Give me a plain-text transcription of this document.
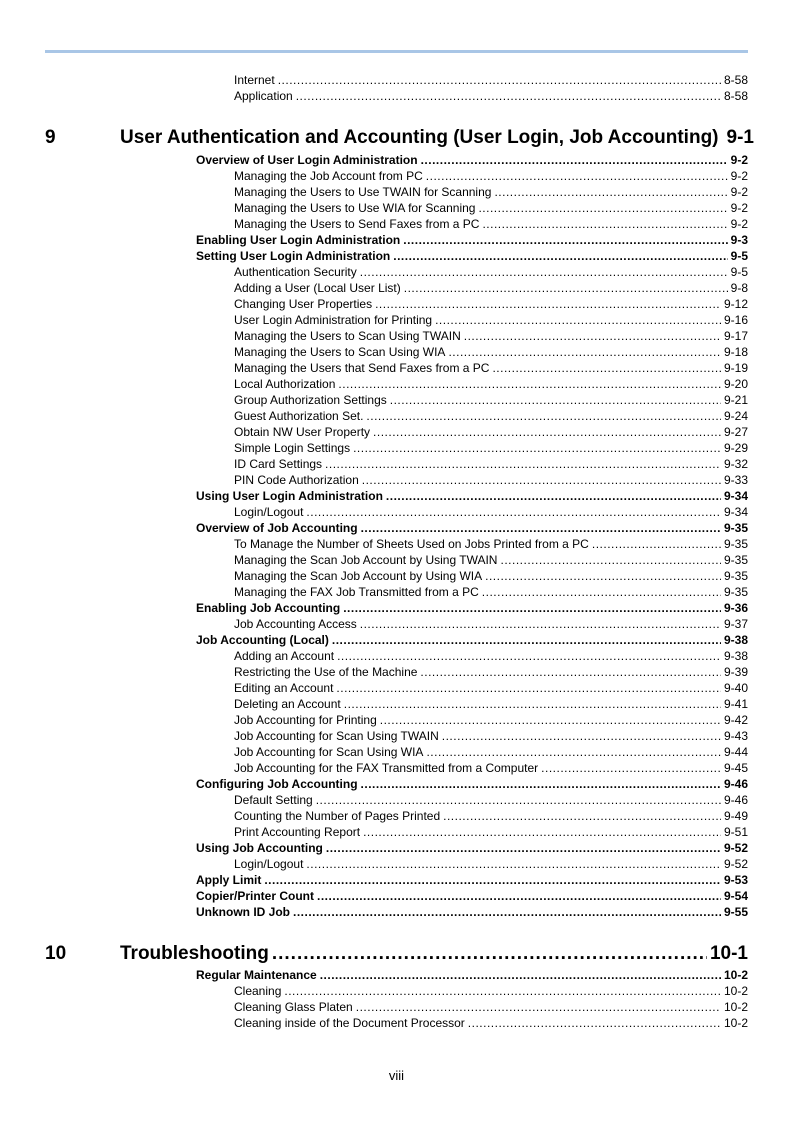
Internet .....	8-58
Application .....	8-58
9	User Authentication and Accounting (User Login, Job Accounting) 9-1
Overview of User Login Administration .....	9-2
Managing the Job Account from PC .....	9-2
Managing the Users to Use TWAIN for Scanning .....	9-2
Managing the Users to Use WIA for Scanning .....	9-2
Managing the Users to Send Faxes from a PC .....	9-2
Enabling User Login Administration .....	9-3
Setting User Login Administration .....	9-5
Authentication Security .....	9-5
Adding a User (Local User List) .....	9-8
Changing User Properties .....	9-12
User Login Administration for Printing .....	9-16
Managing the Users to Scan Using TWAIN .....	9-17
Managing the Users to Scan Using WIA .....	9-18
Managing the Users that Send Faxes from a PC .....	9-19
Local Authorization .....	9-20
Group Authorization Settings .....	9-21
Guest Authorization Set. .....	9-24
Obtain NW User Property .....	9-27
Simple Login Settings .....	9-29
ID Card Settings .....	9-32
PIN Code Authorization .....	9-33
Using User Login Administration .....	9-34
Login/Logout .....	9-34
Overview of Job Accounting .....	9-35
To Manage the Number of Sheets Used on Jobs Printed from a PC .....	9-35
Managing the Scan Job Account by Using TWAIN .....	9-35
Managing the Scan Job Account by Using WIA .....	9-35
Managing the FAX Job Transmitted from a PC .....	9-35
Enabling Job Accounting .....	9-36
Job Accounting Access .....	9-37
Job Accounting (Local) .....	9-38
Adding an Account .....	9-38
Restricting the Use of the Machine .....	9-39
Editing an Account .....	9-40
Deleting an Account .....	9-41
Job Accounting for Printing .....	9-42
Job Accounting for Scan Using TWAIN .....	9-43
Job Accounting for Scan Using WIA .....	9-44
Job Accounting for the FAX Transmitted from a Computer .....	9-45
Configuring Job Accounting .....	9-46
Default Setting .....	9-46
Counting the Number of Pages Printed .....	9-49
Print Accounting Report .....	9-51
Using Job Accounting .....	9-52
Login/Logout .....	9-52
Apply Limit .....	9-53
Copier/Printer Count .....	9-54
Unknown ID Job .....	9-55
10	Troubleshooting .....	10-1
Regular Maintenance .....	10-2
Cleaning .....	10-2
Cleaning Glass Platen .....	10-2
Cleaning inside of the Document Processor .....	10-2
viii
